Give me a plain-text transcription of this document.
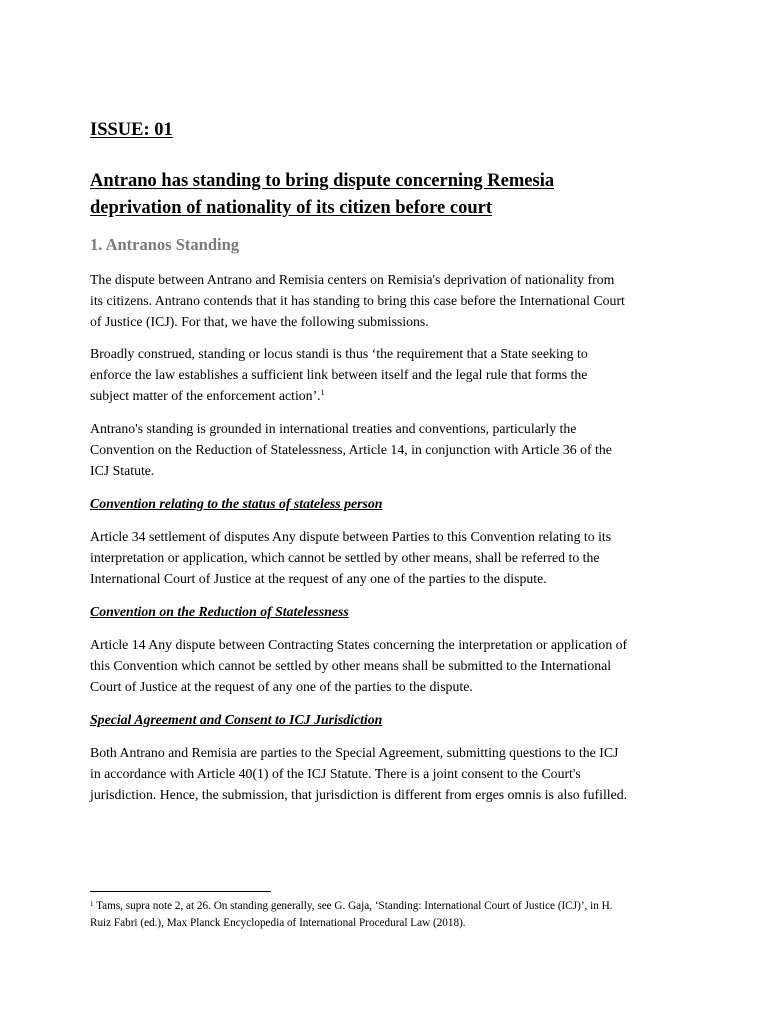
ISSUE: 01
Antrano has standing to bring dispute concerning Remesia
deprivation of nationality of its citizen before court
1. Antranos Standing

The dispute between Antrano and Remisia centers on Remisia's deprivation of nationality from
its citizens. Antrano contends that it has standing to bring this case before the International Court
of Justice (ICJ). For that, we have the following submissions.

Broadly construed, standing or locus standi is thus ‘the requirement that a State seeking to
enforce the law establishes a sufficient link between itself and the legal rule that forms the
subject matter of the enforcement action’.$^1$

Antrano's standing is grounded in international treaties and conventions, particularly the
Convention on the Reduction of Statelessness, Article 14, in conjunction with Article 36 of the
ICJ Statute.

Convention relating to the status of stateless person

Article 34 settlement of disputes Any dispute between Parties to this Convention relating to its
interpretation or application, which cannot be settled by other means, shall be referred to the
International Court of Justice at the request of any one of the parties to the dispute.

Convention on the Reduction of Statelessness

Article 14 Any dispute between Contracting States concerning the interpretation or application of
this Convention which cannot be settled by other means shall be submitted to the International
Court of Justice at the request of any one of the parties to the dispute.

Special Agreement and Consent to ICJ Jurisdiction

Both Antrano and Remisia are parties to the Special Agreement, submitting questions to the ICJ
in accordance with Article 40(1) of the ICJ Statute. There is a joint consent to the Court's
jurisdiction. Hence, the submission, that jurisdiction is different from erges omnis is also fufilled.

$^1$ Tams, supra note 2, at 26. On standing generally, see G. Gaja, ‘Standing: International Court of Justice (ICJ)’, in H.
Ruiz Fabri (ed.), Max Planck Encyclopedia of International Procedural Law (2018).
